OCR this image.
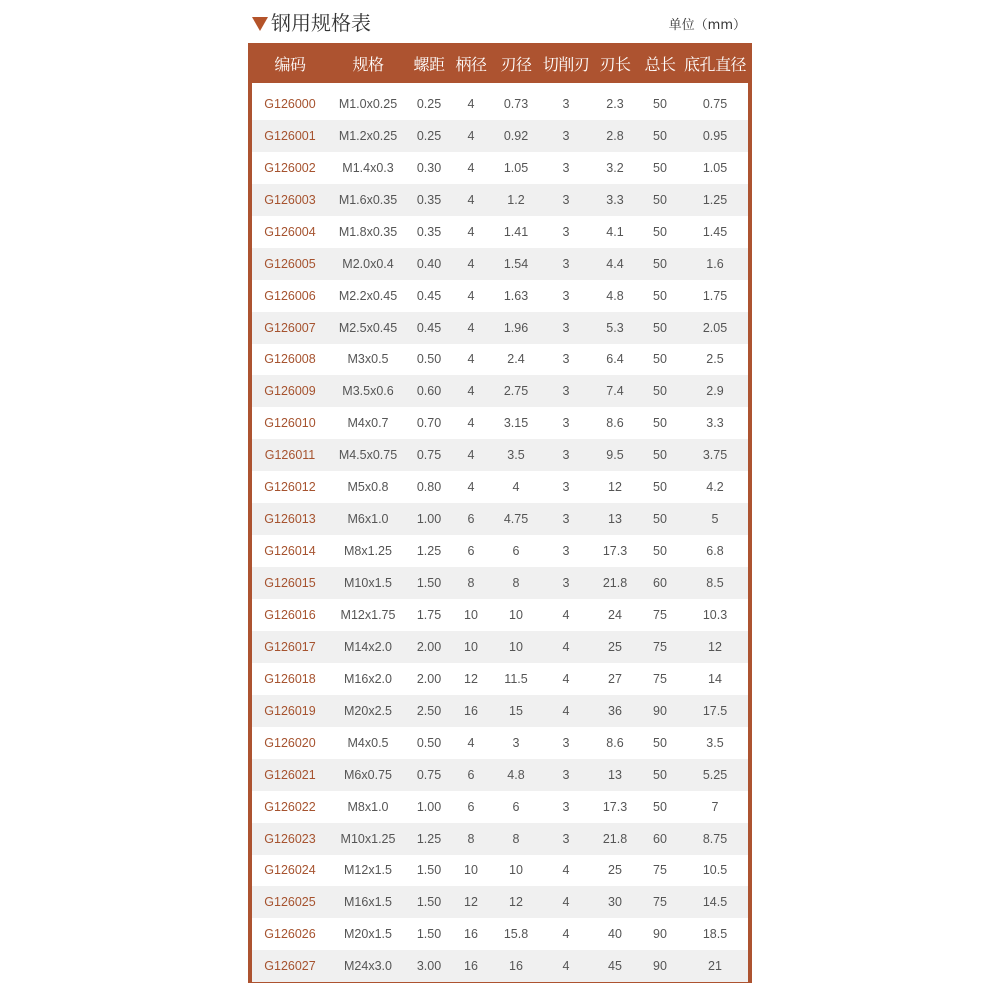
钢用规格表	单位（mm）
编码	规格	螺距	柄径	刃径	切削刃	刃长	总长	底孔直径

G126000	M1.0x0.25	0.25	4	0.73	3	2.3	50	0.75
G126001	M1.2x0.25	0.25	4	0.92	3	2.8	50	0.95
G126002	M1.4x0.3	0.30	4	1.05	3	3.2	50	1.05
G126003	M1.6x0.35	0.35	4	1.2	3	3.3	50	1.25
G126004	M1.8x0.35	0.35	4	1.41	3	4.1	50	1.45
G126005	M2.0x0.4	0.40	4	1.54	3	4.4	50	1.6
G126006	M2.2x0.45	0.45	4	1.63	3	4.8	50	1.75
G126007	M2.5x0.45	0.45	4	1.96	3	5.3	50	2.05
G126008	M3x0.5	0.50	4	2.4	3	6.4	50	2.5
G126009	M3.5x0.6	0.60	4	2.75	3	7.4	50	2.9
G126010	M4x0.7	0.70	4	3.15	3	8.6	50	3.3
G126011	M4.5x0.75	0.75	4	3.5	3	9.5	50	3.75
G126012	M5x0.8	0.80	4	4	3	12	50	4.2
G126013	M6x1.0	1.00	6	4.75	3	13	50	5
G126014	M8x1.25	1.25	6	6	3	17.3	50	6.8
G126015	M10x1.5	1.50	8	8	3	21.8	60	8.5
G126016	M12x1.75	1.75	10	10	4	24	75	10.3
G126017	M14x2.0	2.00	10	10	4	25	75	12
G126018	M16x2.0	2.00	12	11.5	4	27	75	14
G126019	M20x2.5	2.50	16	15	4	36	90	17.5
G126020	M4x0.5	0.50	4	3	3	8.6	50	3.5
G126021	M6x0.75	0.75	6	4.8	3	13	50	5.25
G126022	M8x1.0	1.00	6	6	3	17.3	50	7
G126023	M10x1.25	1.25	8	8	3	21.8	60	8.75
G126024	M12x1.5	1.50	10	10	4	25	75	10.5
G126025	M16x1.5	1.50	12	12	4	30	75	14.5
G126026	M20x1.5	1.50	16	15.8	4	40	90	18.5
G126027	M24x3.0	3.00	16	16	4	45	90	21
